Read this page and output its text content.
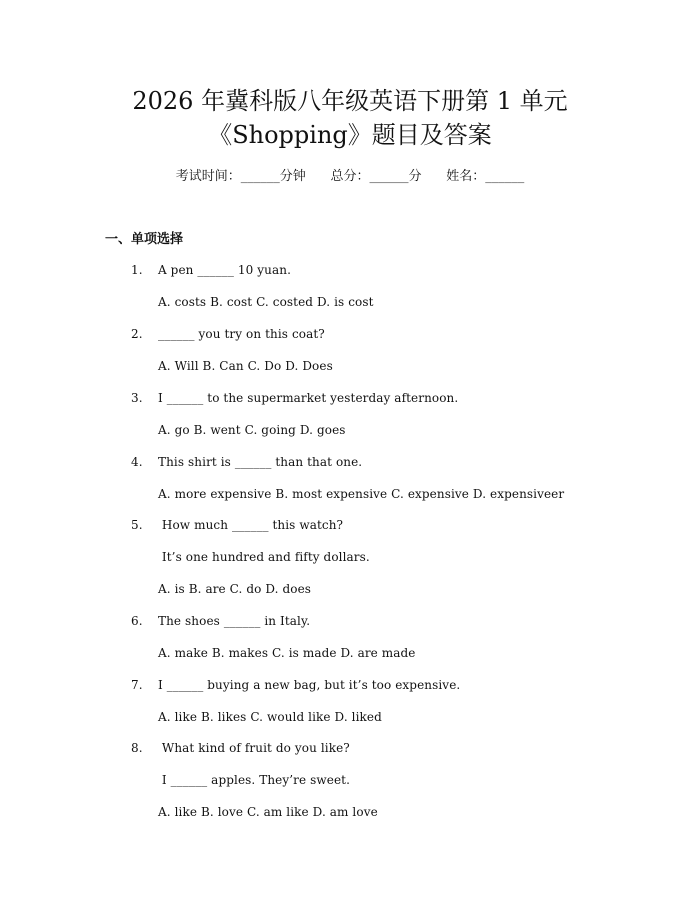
2026 年冀科版八年级英语下册第 1 单元
《Shopping》题目及答案
考试时间：______分钟      总分：______分      姓名：______
一、单项选择
1. A pen ______ 10 yuan.
A. costs B. cost C. costed D. is cost
2. ______ you try on this coat?
A. Will B. Can C. Do D. Does
3. I ______ to the supermarket yesterday afternoon.
A. go B. went C. going D. goes
4. This shirt is ______ than that one.
A. more expensive B. most expensive C. expensive D. expensiveer
5. How much ______ this watch?
It’s one hundred and fifty dollars.
A. is B. are C. do D. does
6. The shoes ______ in Italy.
A. make B. makes C. is made D. are made
7. I ______ buying a new bag, but it’s too expensive.
A. like B. likes C. would like D. liked
8. What kind of fruit do you like?
I ______ apples. They’re sweet.
A. like B. love C. am like D. am love
